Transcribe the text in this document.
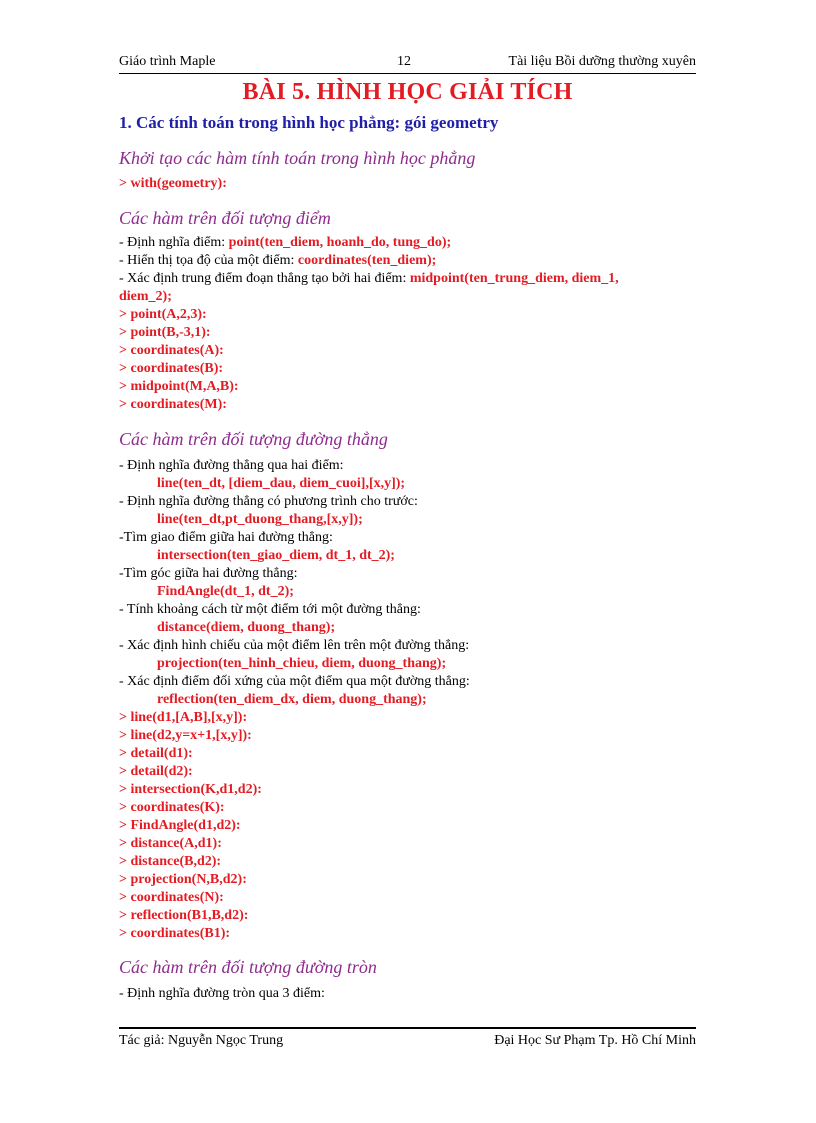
Giáo trình Maple	12	Tài liệu Bồi dưỡng thường xuyên
BÀI 5. HÌNH HỌC GIẢI TÍCH
1. Các tính toán trong hình học phẳng: gói geometry
Khởi tạo các hàm tính toán trong hình học phẳng
> with(geometry):
Các hàm trên đối tượng điểm
- Định nghĩa điểm: point(ten_diem, hoanh_do, tung_do);
- Hiển thị tọa độ của một điểm: coordinates(ten_diem);
- Xác định trung điểm đoạn thẳng tạo bởi hai điểm: midpoint(ten_trung_diem, diem_1,
diem_2);
> point(A,2,3):
> point(B,-3,1):
> coordinates(A):
> coordinates(B):
> midpoint(M,A,B):
> coordinates(M):
Các hàm trên đối tượng đường thẳng
- Định nghĩa đường thẳng qua hai điểm:
line(ten_dt, [diem_dau, diem_cuoi],[x,y]);
- Định nghĩa đường thẳng có phương trình cho trước:
line(ten_dt,pt_duong_thang,[x,y]);
-Tìm giao điểm giữa hai đường thẳng:
intersection(ten_giao_diem, dt_1, dt_2);
-Tìm góc giữa hai đường thẳng:
FindAngle(dt_1, dt_2);
- Tính khoảng cách từ một điểm tới một đường thẳng:
distance(diem, duong_thang);
- Xác định hình chiếu của một điểm lên trên một đường thẳng:
projection(ten_hinh_chieu, diem, duong_thang);
- Xác định điểm đối xứng của một điểm qua một đường thẳng:
reflection(ten_diem_dx, diem, duong_thang);
> line(d1,[A,B],[x,y]):
> line(d2,y=x+1,[x,y]):
> detail(d1):
> detail(d2):
> intersection(K,d1,d2):
> coordinates(K):
> FindAngle(d1,d2):
> distance(A,d1):
> distance(B,d2):
> projection(N,B,d2):
> coordinates(N):
> reflection(B1,B,d2):
> coordinates(B1):
Các hàm trên đối tượng đường tròn
- Định nghĩa đường tròn qua 3 điểm:
Tác giả: Nguyễn Ngọc Trung	Đại Học Sư Phạm Tp. Hồ Chí Minh
